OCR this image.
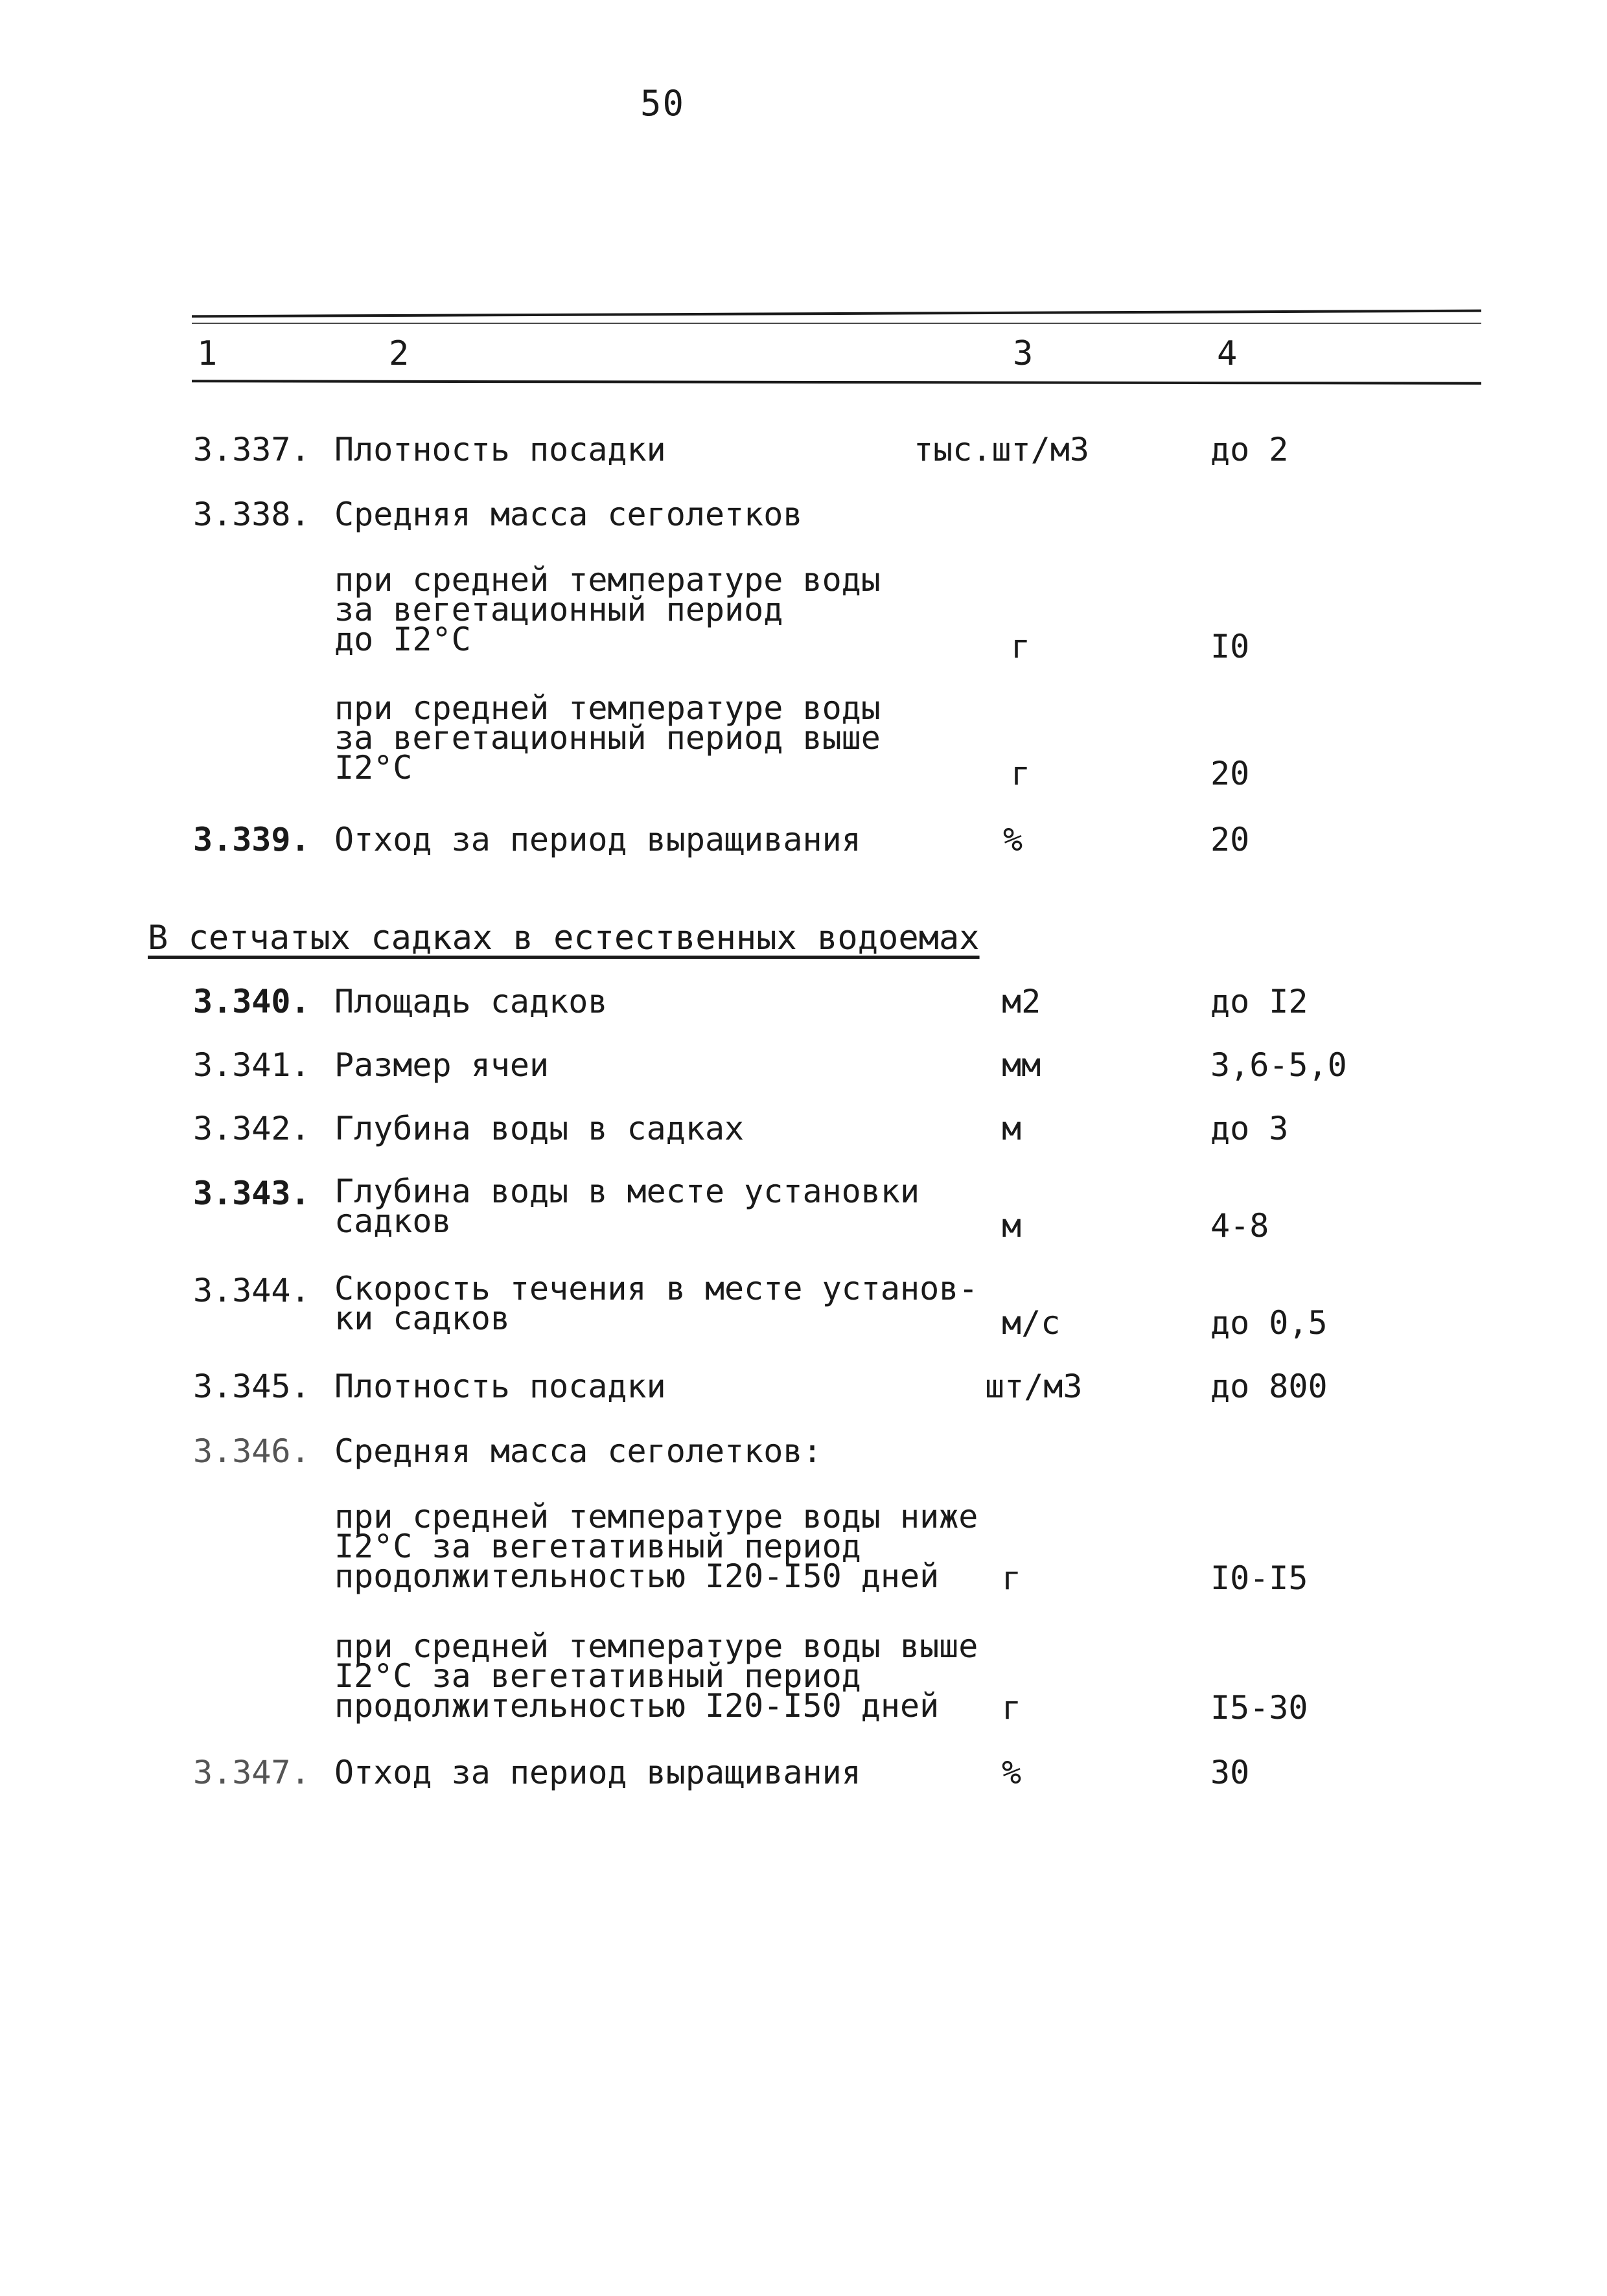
50
1	2	3	4
3.337. Плотность посадки	тыс.шт/м3	до 2
3.338. Средняя масса сеголетков
при средней температуре воды
за вегетационный период
до I2°C	г	I0
при средней температуре воды
за вегетационный период выше
I2°C	г	20
3.339. Отход за период выращивания	%	20
В сетчатых садках в естественных водоемах
3.340. Площадь садков	м2	до I2
3.341. Размер ячеи	мм	3,6-5,0
3.342. Глубина воды в садках	м	до 3
3.343. Глубина воды в месте установки
садков	м	4-8
3.344. Скорость течения в месте установ-
ки садков	м/с	до 0,5
3.345. Плотность посадки	шт/м3	до 800
3.346. Средняя масса сеголетков:
при средней температуре воды ниже
I2°C за вегетативный период
продолжительностью I20-I50 дней	г	I0-I5
при средней температуре воды выше
I2°C за вегетативный период
продолжительностью I20-I50 дней	г	I5-30
3.347. Отход за период выращивания	%	30
